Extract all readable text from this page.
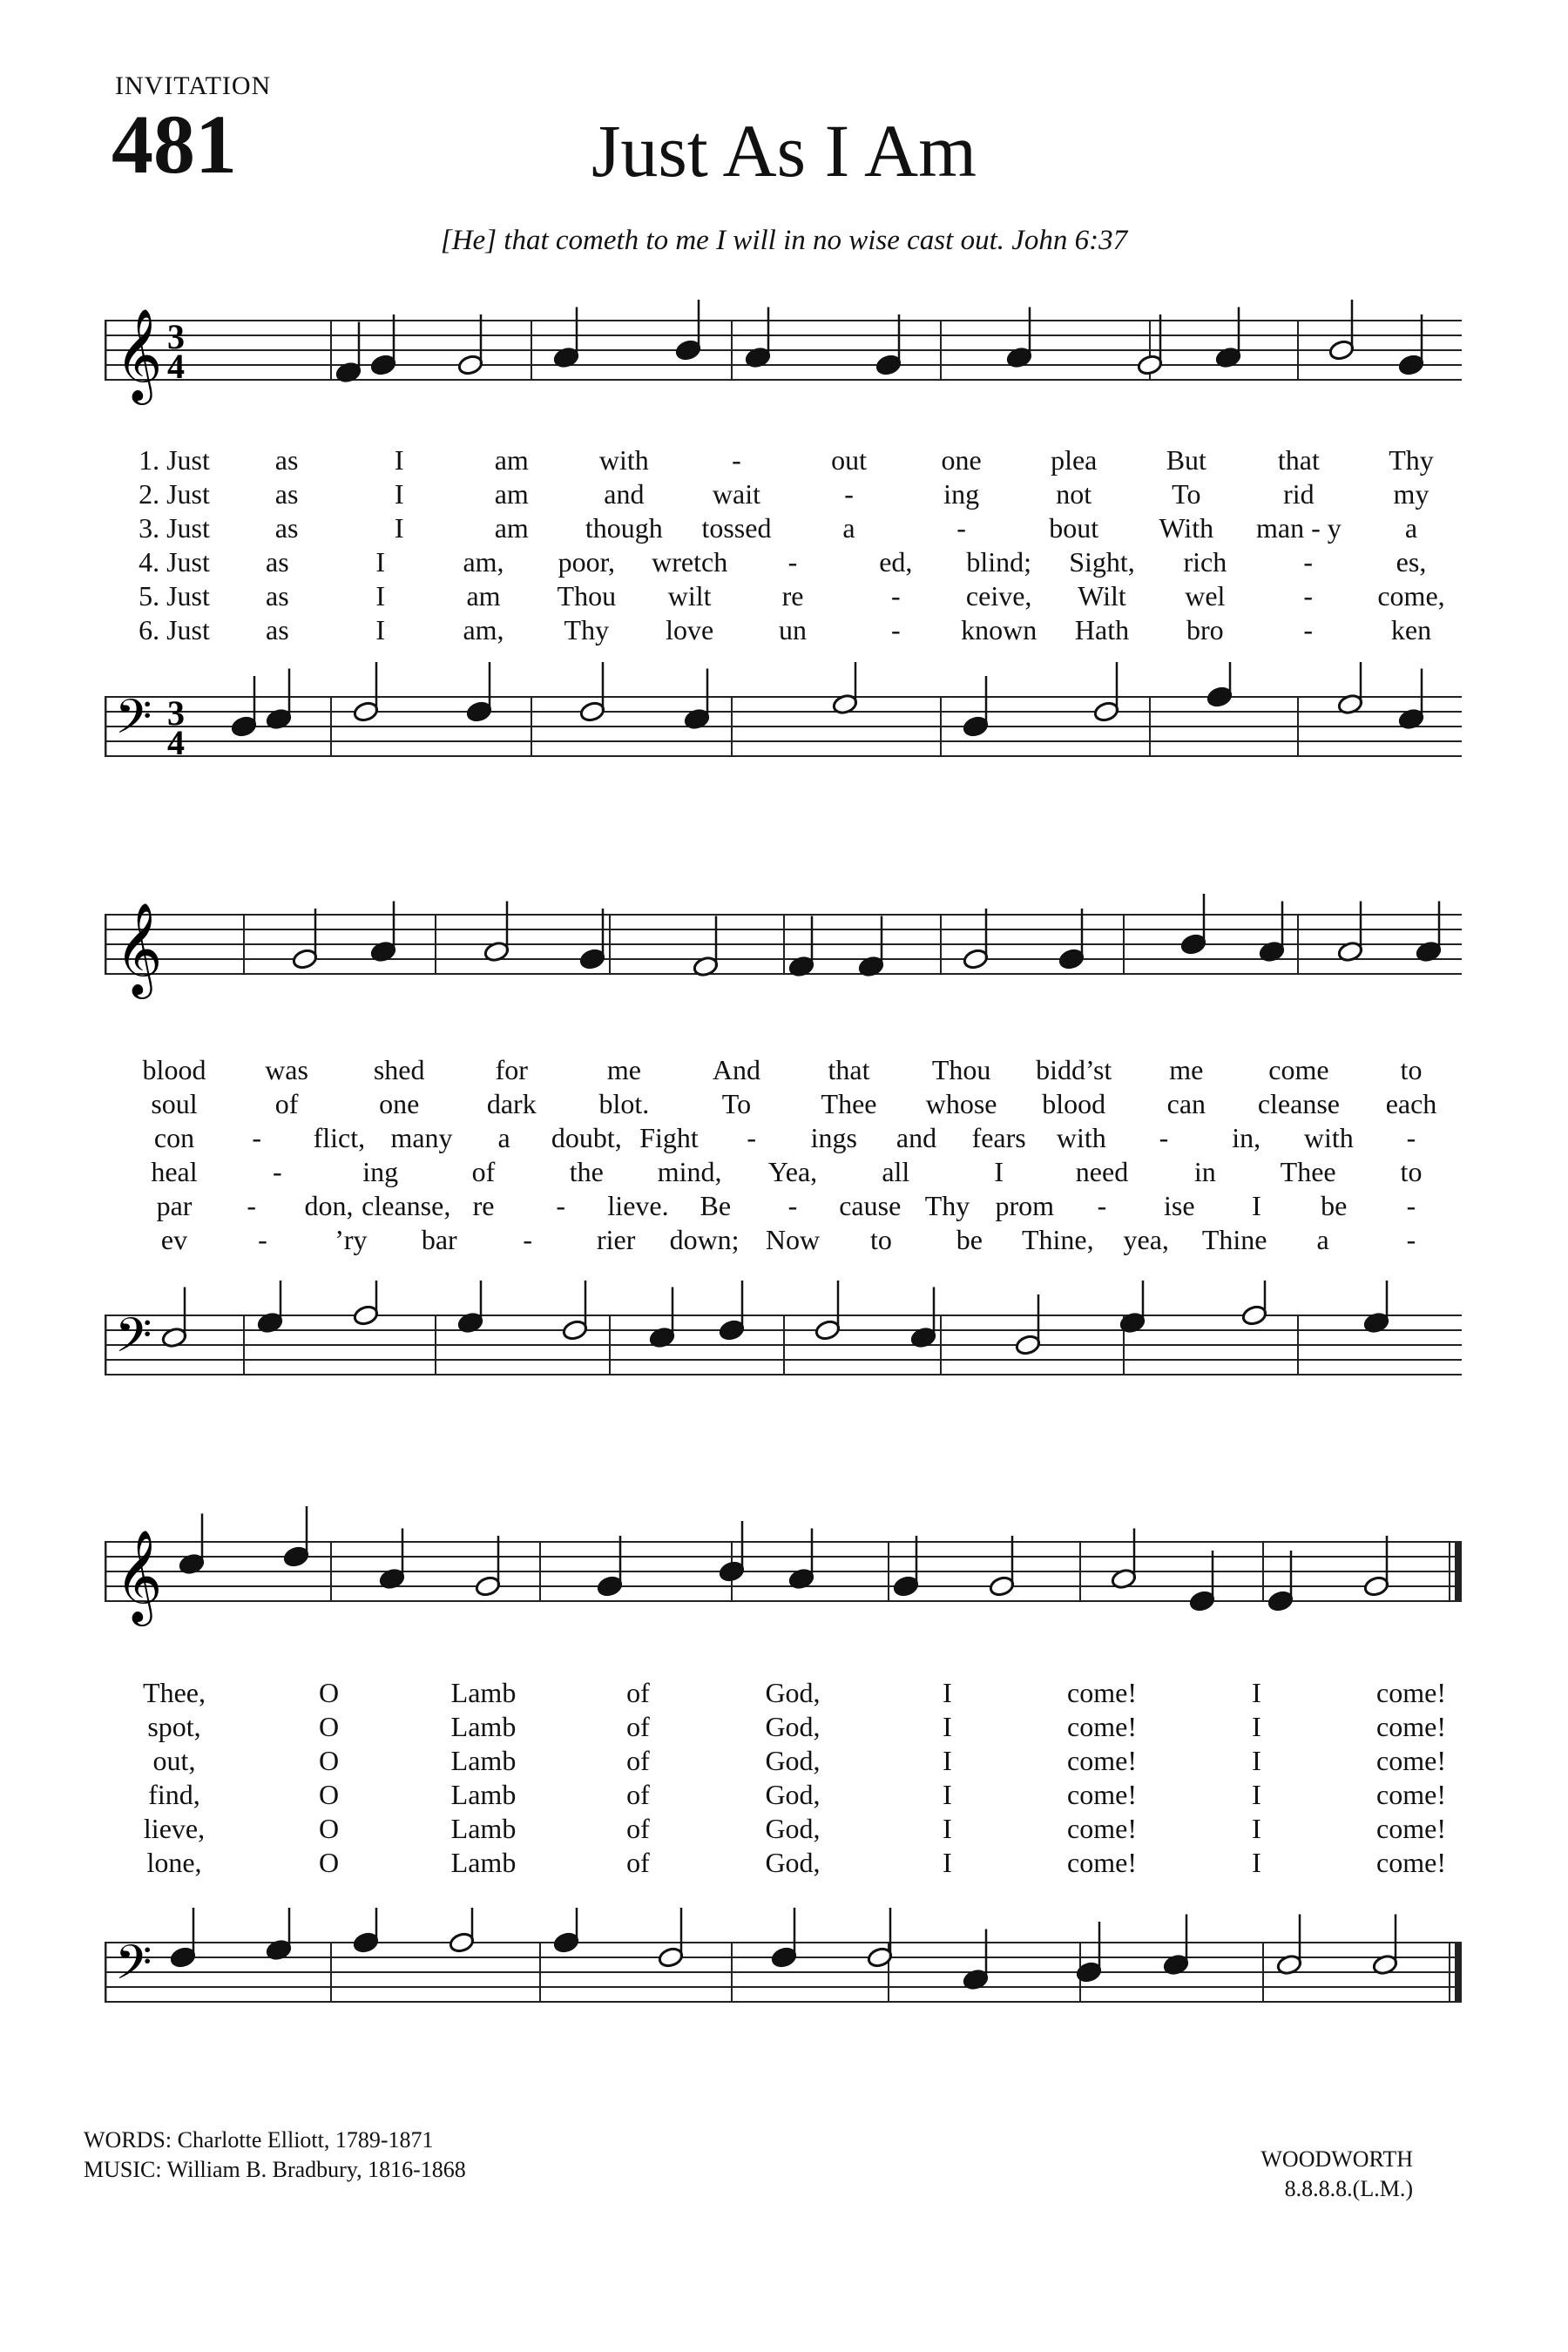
INVITATION
481	Just As I Am
[He] that cometh to me I will in no wise cast out. John 6:37
𝄞 3
4
1. Just as	I	am	with	-	out	one plea But	that Thy
2. Just as	I	am	and wait	-	ing	not	To	rid	my
3. Just as	I	am though tossed	a	-	bout With man - y a
4. Just as	I	am, poor, wretch -	ed, blind; Sight, rich	-	es,
5. Just as	I	am Thou wilt	re	- ceive, Wilt wel	- come,
6. Just as	I	am, Thy love un	- known Hath bro	-	ken
𝄢 3
4
𝄞
blood was shed	for	me	And that Thou bidd’st me come	to
soul	of	one dark blot.	To	Thee whose blood can cleanse each
con - flict, many a doubt, Fight - ings and fears with - in, with -
heal	-	ing	of	the mind, Yea, all	I	need in Thee to
par - don, cleanse, re - lieve. Be - cause Thy prom - ise I be -
ev	- ’ry bar - rier down; Now to be Thine, yea, Thine a	-
𝄢
𝄞
Thee,	O	Lamb	of	God,	I	come!	I	come!
spot,	O	Lamb	of	God,	I	come!	I	come!
out,	O	Lamb	of	God,	I	come!	I	come!
find,	O	Lamb	of	God,	I	come!	I	come!
lieve,	O	Lamb	of	God,	I	come!	I	come!
lone,	O	Lamb	of	God,	I	come!	I	come!
𝄢
WORDS: Charlotte Elliott, 1789-1871
MUSIC: William B. Bradbury, 1816-1868	WOODWORTH
8.8.8.8.(L.M.)
